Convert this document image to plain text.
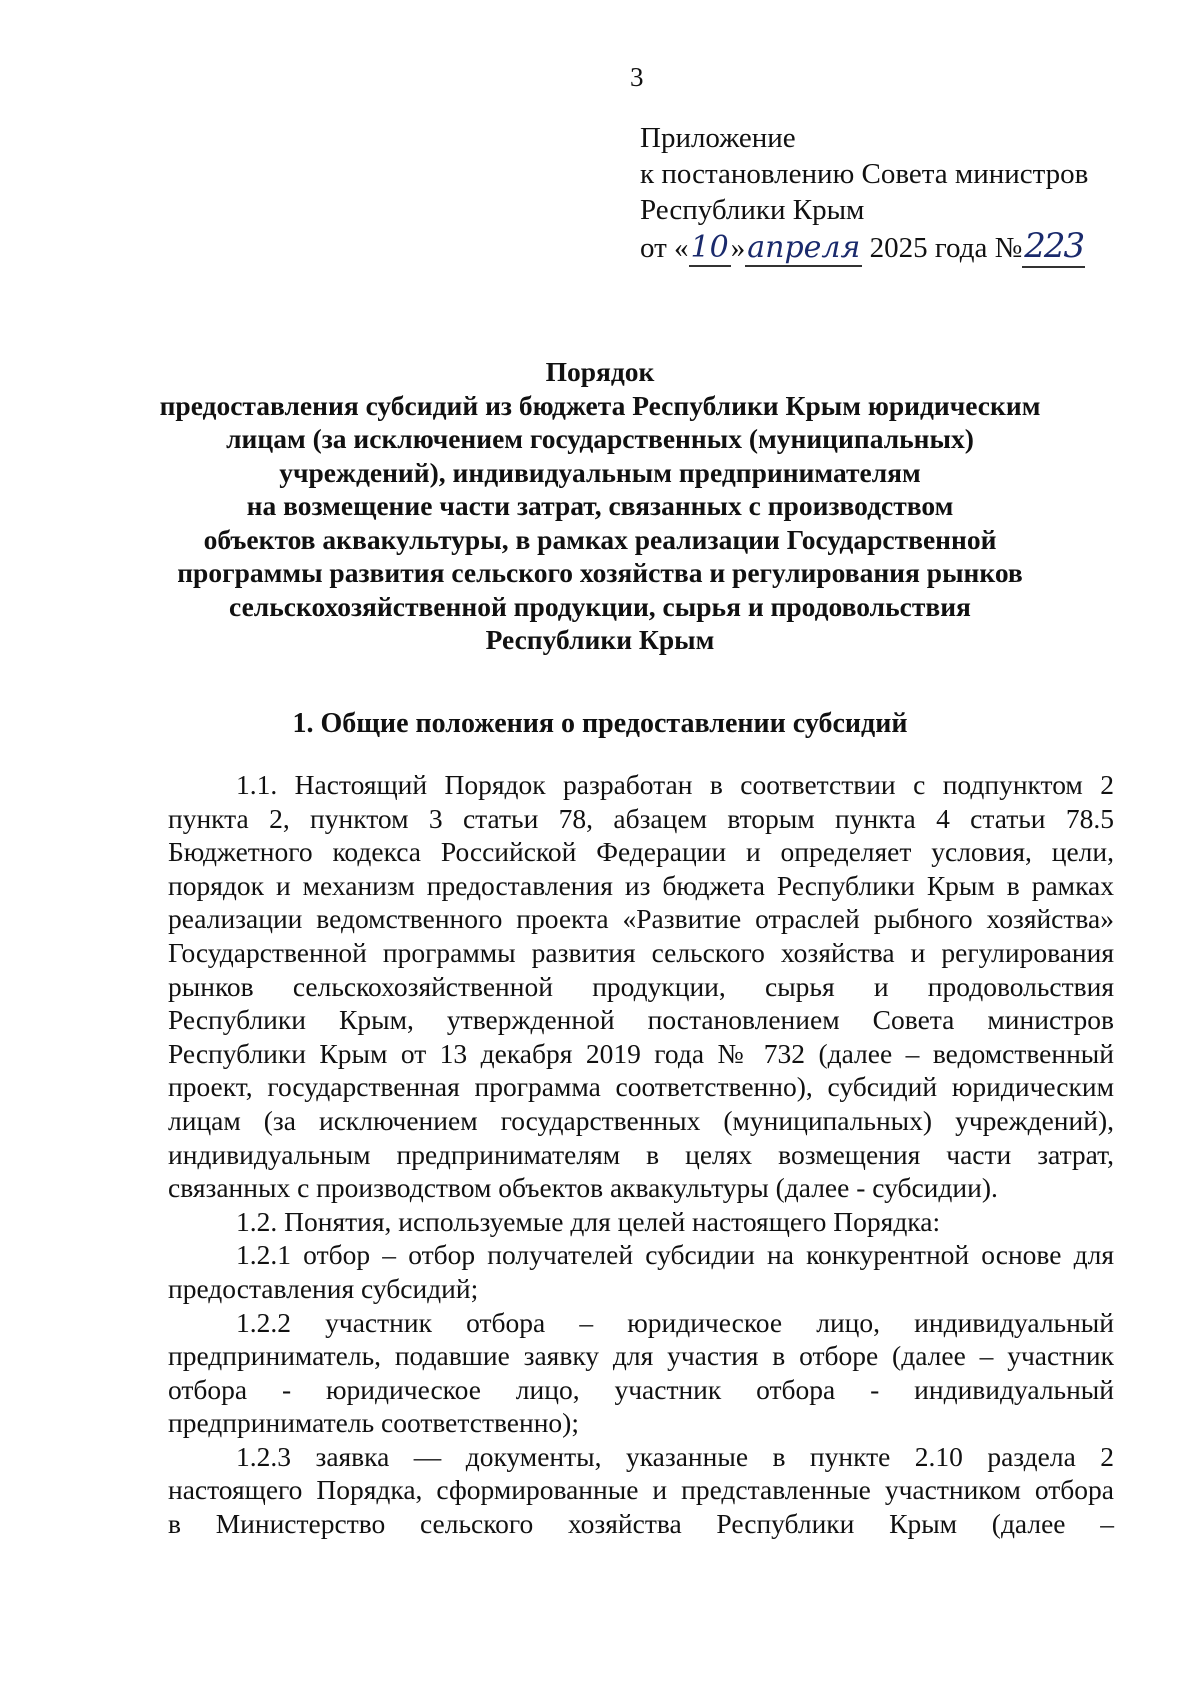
3
Приложение
к постановлению Совета министров
Республики Крым
от «10»апреля 2025 года №223
Порядок
предоставления субсидий из бюджета Республики Крым юридическим
лицам (за исключением государственных (муниципальных)
учреждений), индивидуальным предпринимателям
на возмещение части затрат, связанных с производством
объектов аквакультуры, в рамках реализации Государственной
программы развития сельского хозяйства и регулирования рынков
сельскохозяйственной продукции, сырья и продовольствия
Республики Крым
1. Общие положения о предоставлении субсидий
1.1. Настоящий Порядок разработан в соответствии с подпунктом 2
пункта 2, пунктом 3 статьи 78, абзацем вторым пункта 4 статьи 78.5
Бюджетного кодекса Российской Федерации и определяет условия, цели,
порядок и механизм предоставления из бюджета Республики Крым в рамках
реализации ведомственного проекта «Развитие отраслей рыбного хозяйства»
Государственной программы развития сельского хозяйства и регулирования
рынков сельскохозяйственной продукции, сырья и продовольствия
Республики Крым, утвержденной постановлением Совета министров
Республики Крым от 13 декабря 2019 года № 732 (далее – ведомственный
проект, государственная программа соответственно), субсидий юридическим
лицам (за исключением государственных (муниципальных) учреждений),
индивидуальным предпринимателям в целях возмещения части затрат,
связанных с производством объектов аквакультуры (далее - субсидии).
1.2. Понятия, используемые для целей настоящего Порядка:
1.2.1 отбор – отбор получателей субсидии на конкурентной основе для
предоставления субсидий;
1.2.2 участник отбора – юридическое лицо, индивидуальный
предприниматель, подавшие заявку для участия в отборе (далее – участник
отбора - юридическое лицо, участник отбора - индивидуальный
предприниматель соответственно);
1.2.3 заявка — документы, указанные в пункте 2.10 раздела 2
настоящего Порядка, сформированные и представленные участником отбора
в Министерство сельского хозяйства Республики Крым (далее –
